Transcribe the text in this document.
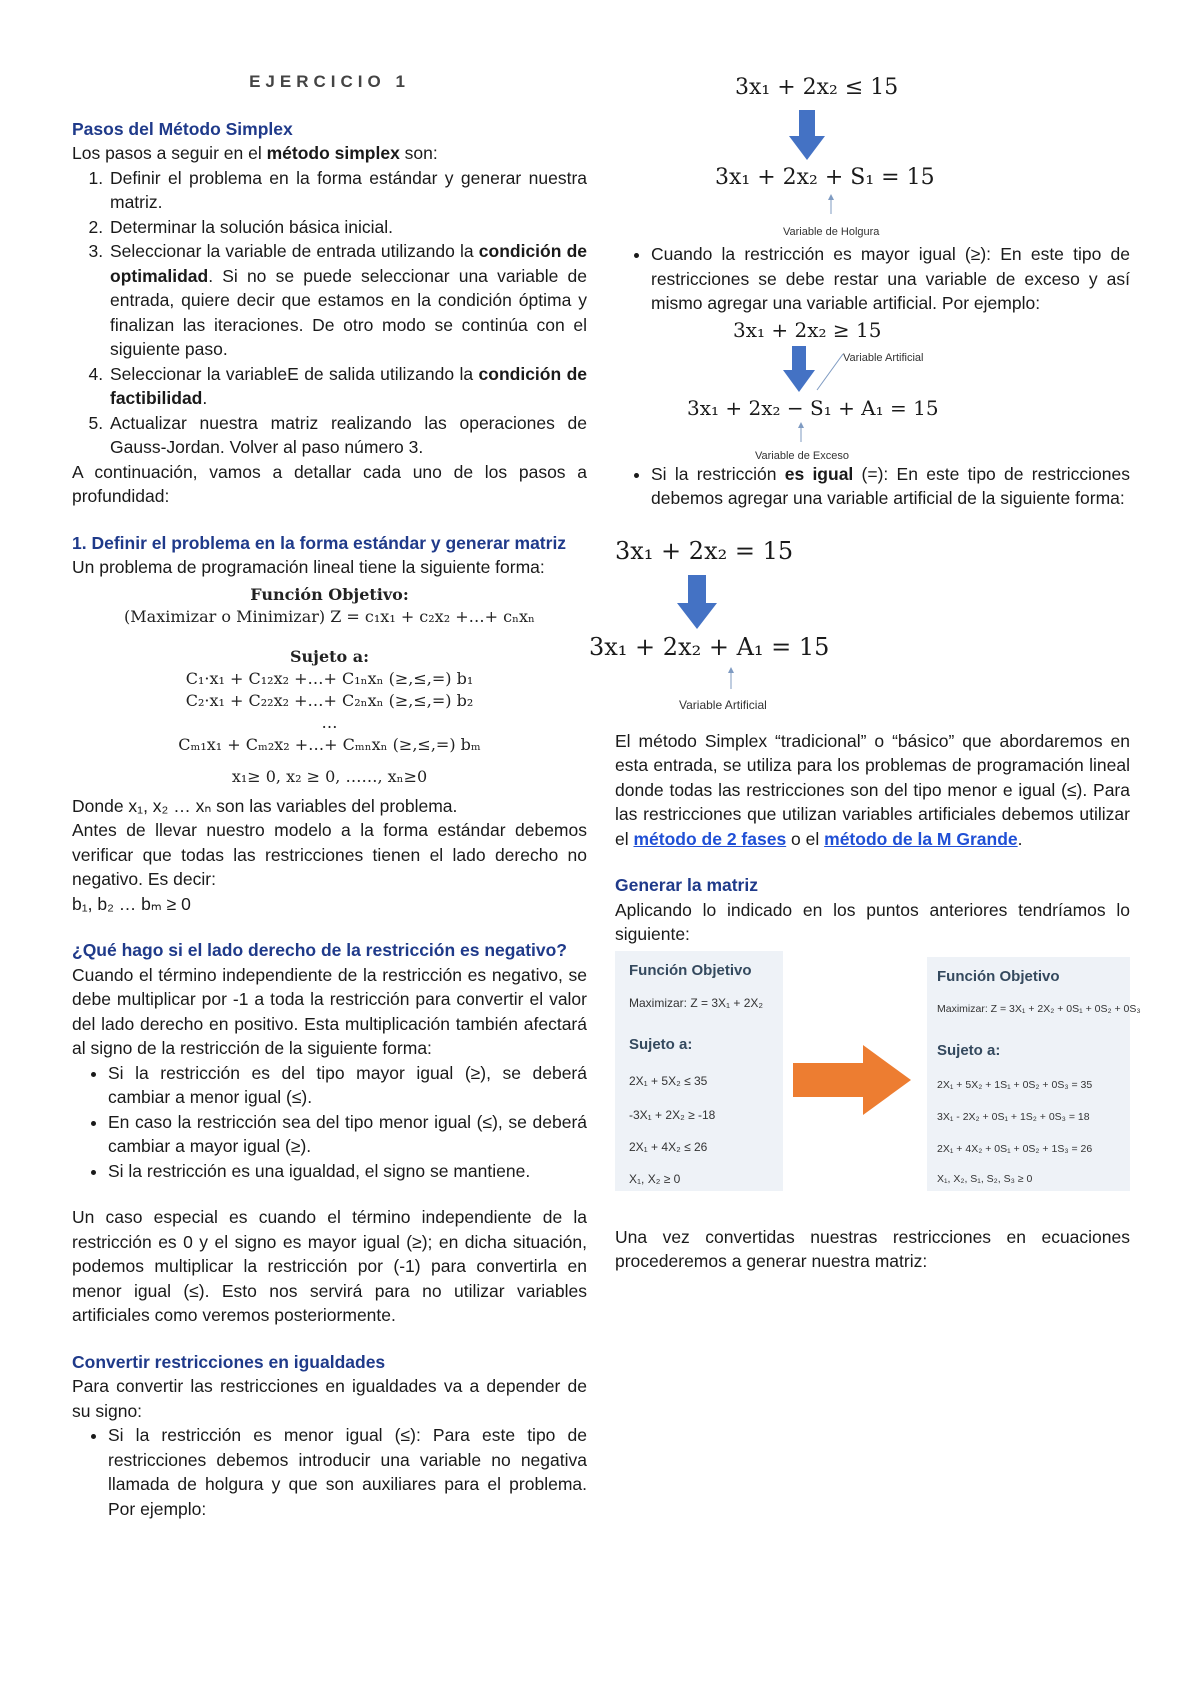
EJERCICIO 1
Pasos del Método Simplex
Los pasos a seguir en el método simplex son:
1. Definir el problema en la forma estándar y generar nuestra matriz.
2. Determinar la solución básica inicial.
3. Seleccionar la variable de entrada utilizando la condición de optimalidad. Si no se puede seleccionar una variable de entrada, quiere decir que estamos en la condición óptima y finalizan las iteraciones. De otro modo se continúa con el siguiente paso.
4. Seleccionar la variableE de salida utilizando la condición de factibilidad.
5. Actualizar nuestra matriz realizando las operaciones de Gauss-Jordan. Volver al paso número 3.
A continuación, vamos a detallar cada uno de los pasos a profundidad:
1. Definir el problema en la forma estándar y generar matriz
Un problema de programación lineal tiene la siguiente forma:
Función Objetivo:
(Maximizar o Minimizar) Z = c₁x₁ + c₂x₂ +…+ cₙxₙ
Sujeto a:
C₁·x₁ + C₁₂x₂ +…+ C₁ₙxₙ (≥,≤,=) b₁
C₂·x₁ + C₂₂x₂ +…+ C₂ₙxₙ (≥,≤,=) b₂
…
Cₘ₁x₁ + Cₘ₂x₂ +…+ Cₘₙxₙ (≥,≤,=) bₘ
x₁≥ 0, x₂ ≥ 0, ……, xₙ≥0
Donde x₁, x₂ … xₙ son las variables del problema.
Antes de llevar nuestro modelo a la forma estándar debemos verificar que todas las restricciones tienen el lado derecho no negativo. Es decir:
b₁, b₂ … bₘ ≥ 0
¿Qué hago si el lado derecho de la restricción es negativo?
Cuando el término independiente de la restricción es negativo, se debe multiplicar por -1 a toda la restricción para convertir el valor del lado derecho en positivo. Esta multiplicación también afectará al signo de la restricción de la siguiente forma:
• Si la restricción es del tipo mayor igual (≥), se deberá cambiar a menor igual (≤).
• En caso la restricción sea del tipo menor igual (≤), se deberá cambiar a mayor igual (≥).
• Si la restricción es una igualdad, el signo se mantiene.
Un caso especial es cuando el término independiente de la restricción es 0 y el signo es mayor igual (≥); en dicha situación, podemos multiplicar la restricción por (-1) para convertirla en menor igual (≤). Esto nos servirá para no utilizar variables artificiales como veremos posteriormente.
Convertir restricciones en igualdades
Para convertir las restricciones en igualdades va a depender de su signo:
• Si la restricción es menor igual (≤): Para este tipo de restricciones debemos introducir una variable no negativa llamada de holgura y que son auxiliares para el problema. Por ejemplo:
3x₁ + 2x₂ ≤ 15
3x₁ + 2x₂ + S₁ = 15
Variable de Holgura
• Cuando la restricción es mayor igual (≥): En este tipo de restricciones se debe restar una variable de exceso y así mismo agregar una variable artificial. Por ejemplo:
3x₁ + 2x₂ ≥ 15
Variable Artificial
3x₁ + 2x₂ − S₁ + A₁ = 15
Variable de Exceso
• Si la restricción es igual (=): En este tipo de restricciones debemos agregar una variable artificial de la siguiente forma:
3x₁ + 2x₂ = 15
3x₁ + 2x₂ + A₁ = 15
Variable Artificial
El método Simplex “tradicional” o “básico” que abordaremos en esta entrada, se utiliza para los problemas de programación lineal donde todas las restricciones son del tipo menor e igual (≤). Para las restricciones que utilizan variables artificiales debemos utilizar el método de 2 fases o el método de la M Grande.
Generar la matriz
Aplicando lo indicado en los puntos anteriores tendríamos lo siguiente:
Función Objetivo
Maximizar: Z = 3X₁ + 2X₂
Sujeto a:
2X₁ + 5X₂ ≤ 35
-3X₁ + 2X₂ ≥ -18
2X₁ + 4X₂ ≤ 26
X₁, X₂ ≥ 0
Función Objetivo
Maximizar: Z = 3X₁ + 2X₂ + 0S₁ + 0S₂ + 0S₃
Sujeto a:
2X₁ + 5X₂ + 1S₁ + 0S₂ + 0S₃ = 35
3X₁ - 2X₂ + 0S₁ + 1S₂ + 0S₃ = 18
2X₁ + 4X₂ + 0S₁ + 0S₂ + 1S₃ = 26
X₁, X₂, S₁, S₂, S₃ ≥ 0
Una vez convertidas nuestras restricciones en ecuaciones procederemos a generar nuestra matriz:
